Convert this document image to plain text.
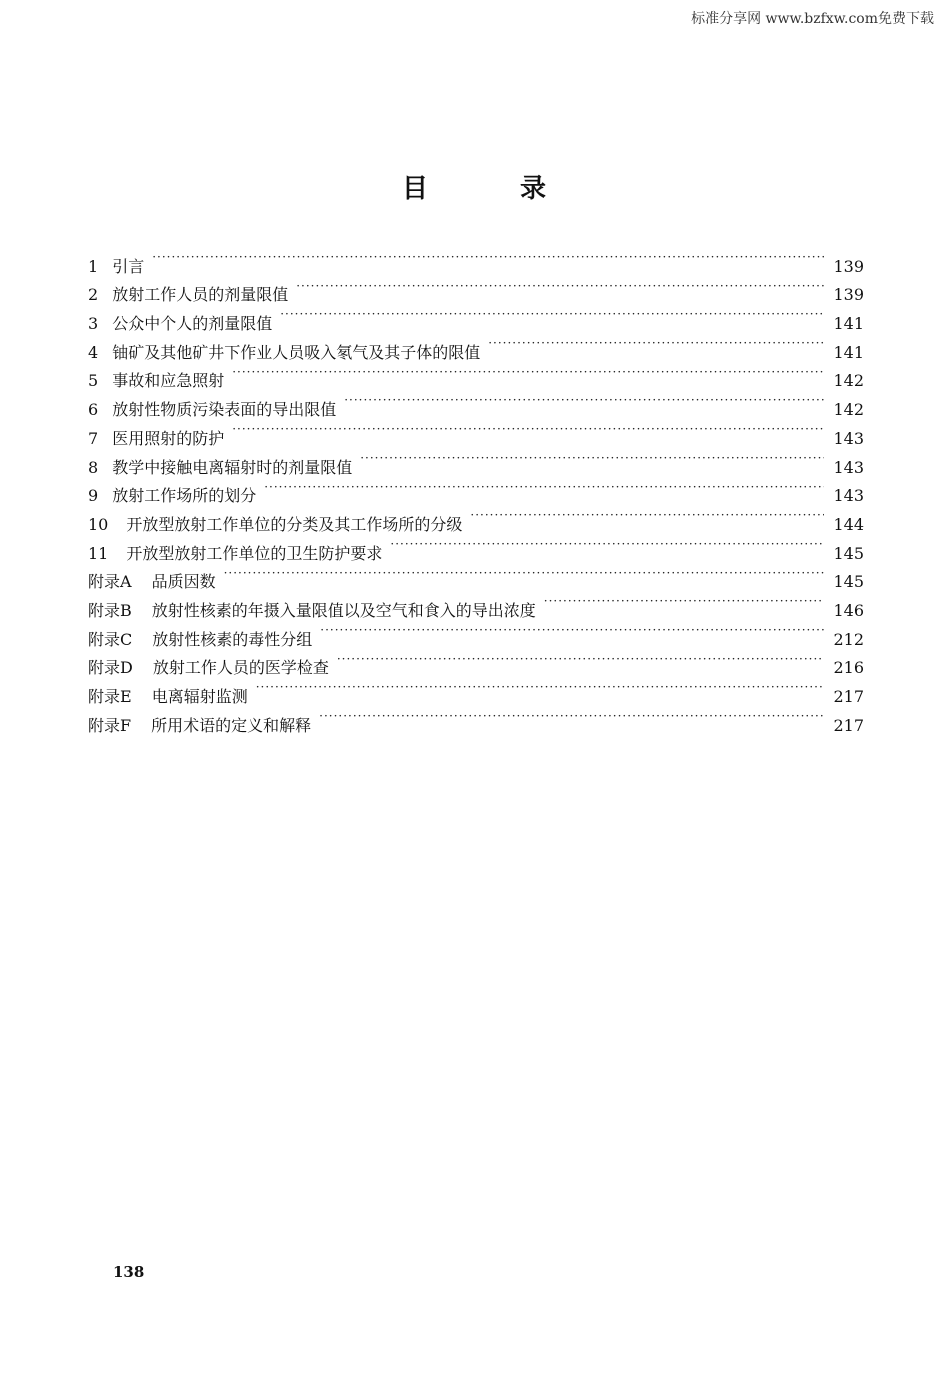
标准分享网 www.bzfxw.com免费下载
目	录
1 引言 ·····	139
2 放射工作人员的剂量限值 ·····	139
3 公众中个人的剂量限值 ·····	141
4 铀矿及其他矿井下作业人员吸入氡气及其子体的限值 ·····	141
5 事故和应急照射 ·····	142
6 放射性物质污染表面的导出限值 ·····	142
7 医用照射的防护 ·····	143
8 教学中接触电离辐射时的剂量限值 ·····	143
9 放射工作场所的划分 ·····	143
10 开放型放射工作单位的分类及其工作场所的分级 ·····	144
11 开放型放射工作单位的卫生防护要求 ·····	145
附录A 品质因数 ·····	145
附录B 放射性核素的年摄入量限值以及空气和食入的导出浓度 ·····	146
附录C 放射性核素的毒性分组 ·····	212
附录D 放射工作人员的医学检查 ·····	216
附录E 电离辐射监测 ·····	217
附录F 所用术语的定义和解释 ·····	217
138
